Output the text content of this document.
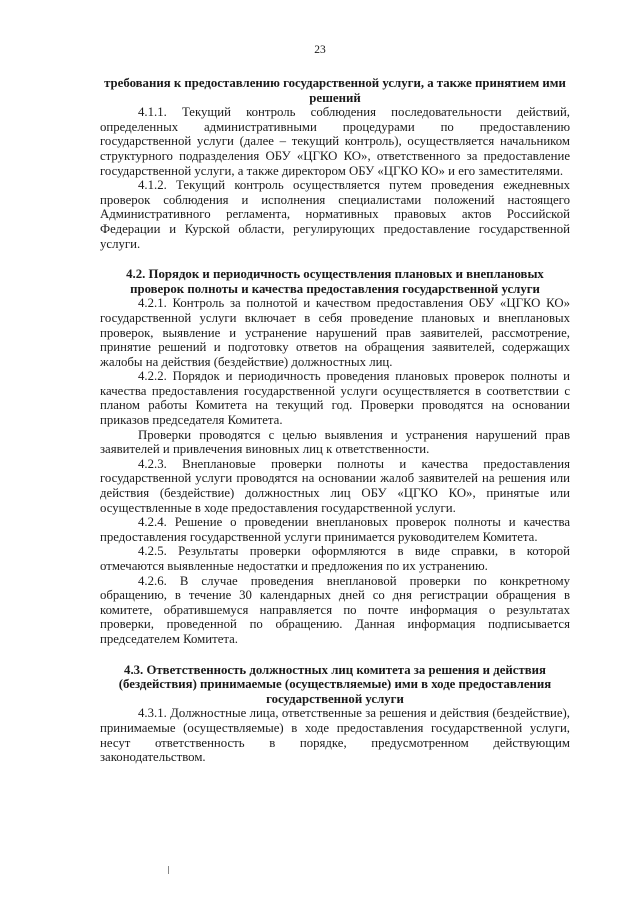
23

требования к предоставлению государственной услуги, а также принятием ими решений

4.1.1. Текущий контроль соблюдения последовательности действий, определенных административными процедурами по предоставлению государственной услуги (далее – текущий контроль), осуществляется начальником структурного подразделения ОБУ «ЦГКО КО», ответственного за предоставление государственной услуги, а также директором ОБУ «ЦГКО КО» и его заместителями.

4.1.2. Текущий контроль осуществляется путем проведения ежедневных проверок соблюдения и исполнения специалистами положений настоящего Административного регламента, нормативных правовых актов Российской Федерации и Курской области, регулирующих предоставление государственной услуги.

4.2. Порядок и периодичность осуществления плановых и внеплановых проверок полноты и качества предоставления государственной услуги

4.2.1. Контроль за полнотой и качеством предоставления ОБУ «ЦГКО КО» государственной услуги включает в себя проведение плановых и внеплановых проверок, выявление и устранение нарушений прав заявителей, рассмотрение, принятие решений и подготовку ответов на обращения заявителей, содержащих жалобы на действия (бездействие) должностных лиц.

4.2.2. Порядок и периодичность проведения плановых проверок полноты и качества предоставления государственной услуги осуществляется в соответствии с планом работы Комитета на текущий год. Проверки проводятся на основании приказов председателя Комитета.

Проверки проводятся с целью выявления и устранения нарушений прав заявителей и привлечения виновных лиц к ответственности.

4.2.3. Внеплановые проверки полноты и качества предоставления государственной услуги проводятся на основании жалоб заявителей на решения или действия (бездействие) должностных лиц ОБУ «ЦГКО КО», принятые или осуществленные в ходе предоставления государственной услуги.

4.2.4. Решение о проведении внеплановых проверок полноты и качества предоставления государственной услуги принимается руководителем Комитета.

4.2.5. Результаты проверки оформляются в виде справки, в которой отмечаются выявленные недостатки и предложения по их устранению.

4.2.6. В случае проведения внеплановой проверки по конкретному обращению, в течение 30 календарных дней со дня регистрации обращения в комитете, обратившемуся направляется по почте информация о результатах проверки, проведенной по обращению. Данная информация подписывается председателем Комитета.

4.3. Ответственность должностных лиц комитета за решения и действия (бездействия) принимаемые (осуществляемые) ими в ходе предоставления государственной услуги

4.3.1. Должностные лица, ответственные за решения и действия (бездействие), принимаемые (осуществляемые) в ходе предоставления государственной услуги, несут ответственность в порядке, предусмотренном действующим законодательством.
